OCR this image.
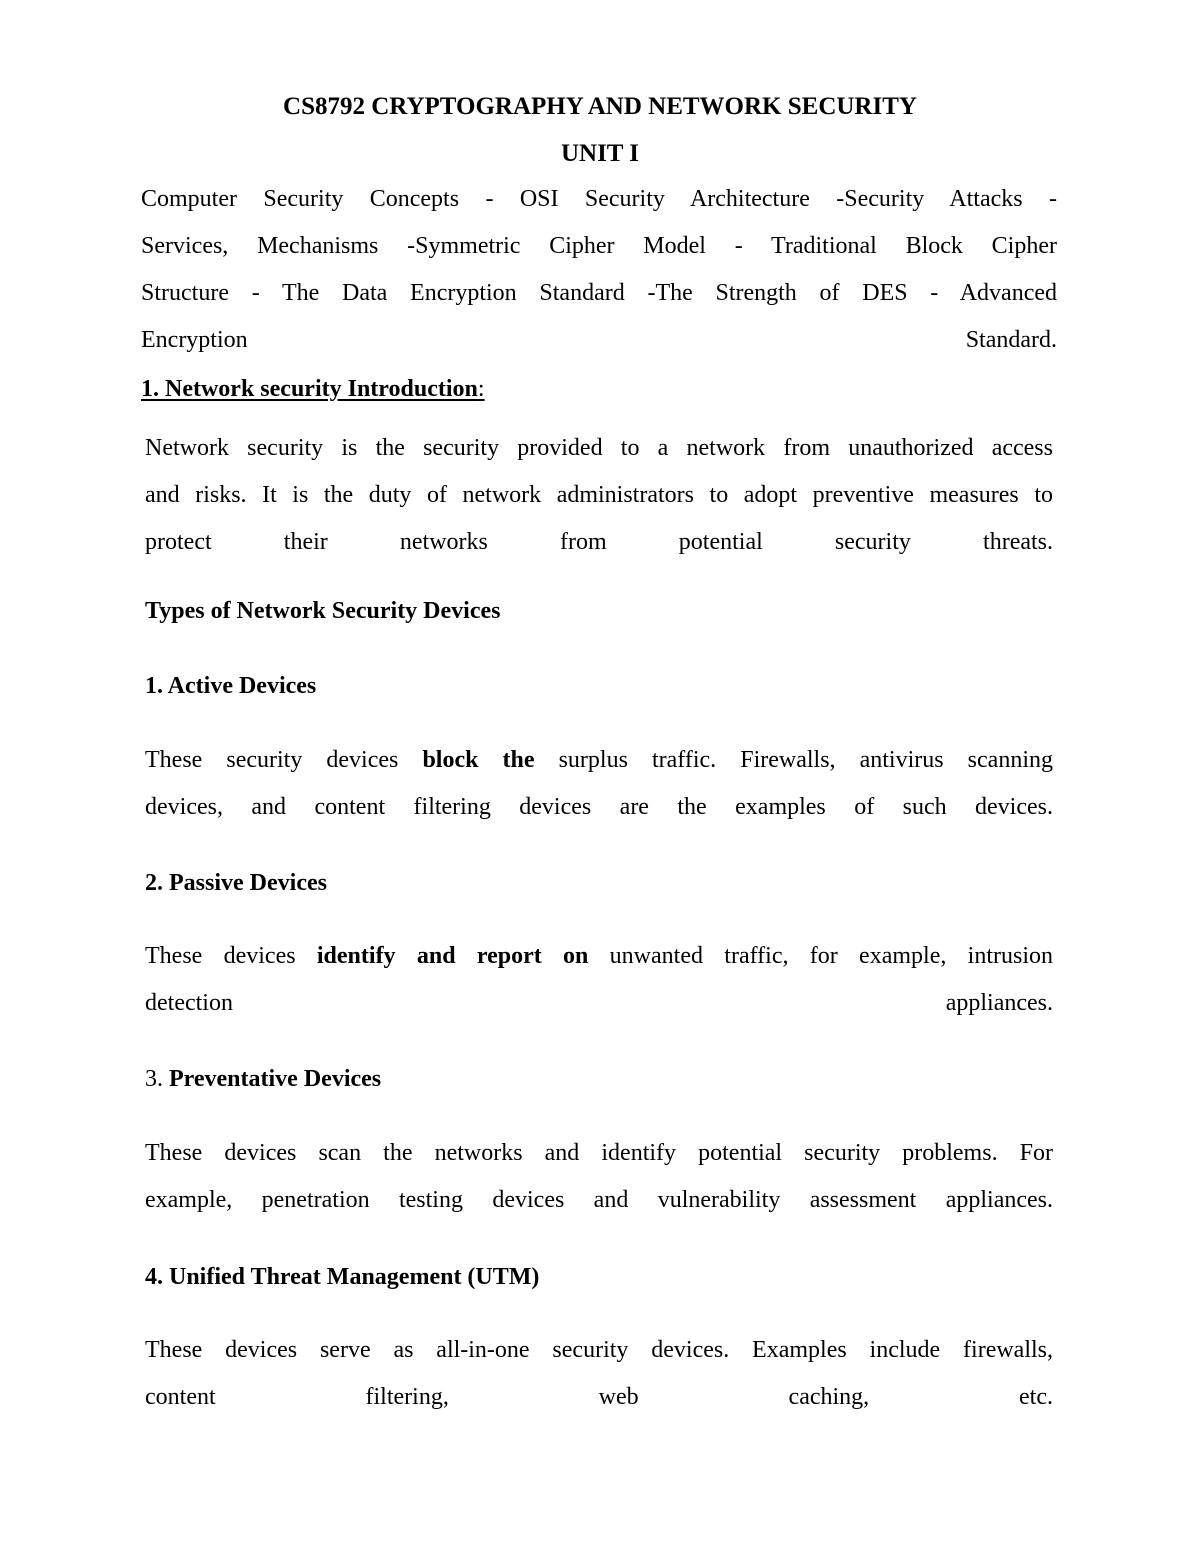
CS8792 CRYPTOGRAPHY AND NETWORK SECURITY
UNIT I
Computer Security Concepts - OSI Security Architecture -Security Attacks -
Services, Mechanisms -Symmetric Cipher Model - Traditional Block Cipher
Structure - The Data Encryption Standard -The Strength of DES - Advanced
Encryption Standard.
1. Network security Introduction:
Network security is the security provided to a network from unauthorized access
and risks. It is the duty of network administrators to adopt preventive measures to
protect their networks from potential security threats.
Types of Network Security Devices
1. Active Devices
These security devices block the surplus traffic. Firewalls, antivirus scanning
devices, and content filtering devices are the examples of such devices.
2. Passive Devices
These devices identify and report on unwanted traffic, for example, intrusion
detection appliances.
3. Preventative Devices
These devices scan the networks and identify potential security problems. For
example, penetration testing devices and vulnerability assessment appliances.
4. Unified Threat Management (UTM)
These devices serve as all-in-one security devices. Examples include firewalls,
content filtering, web caching, etc.
